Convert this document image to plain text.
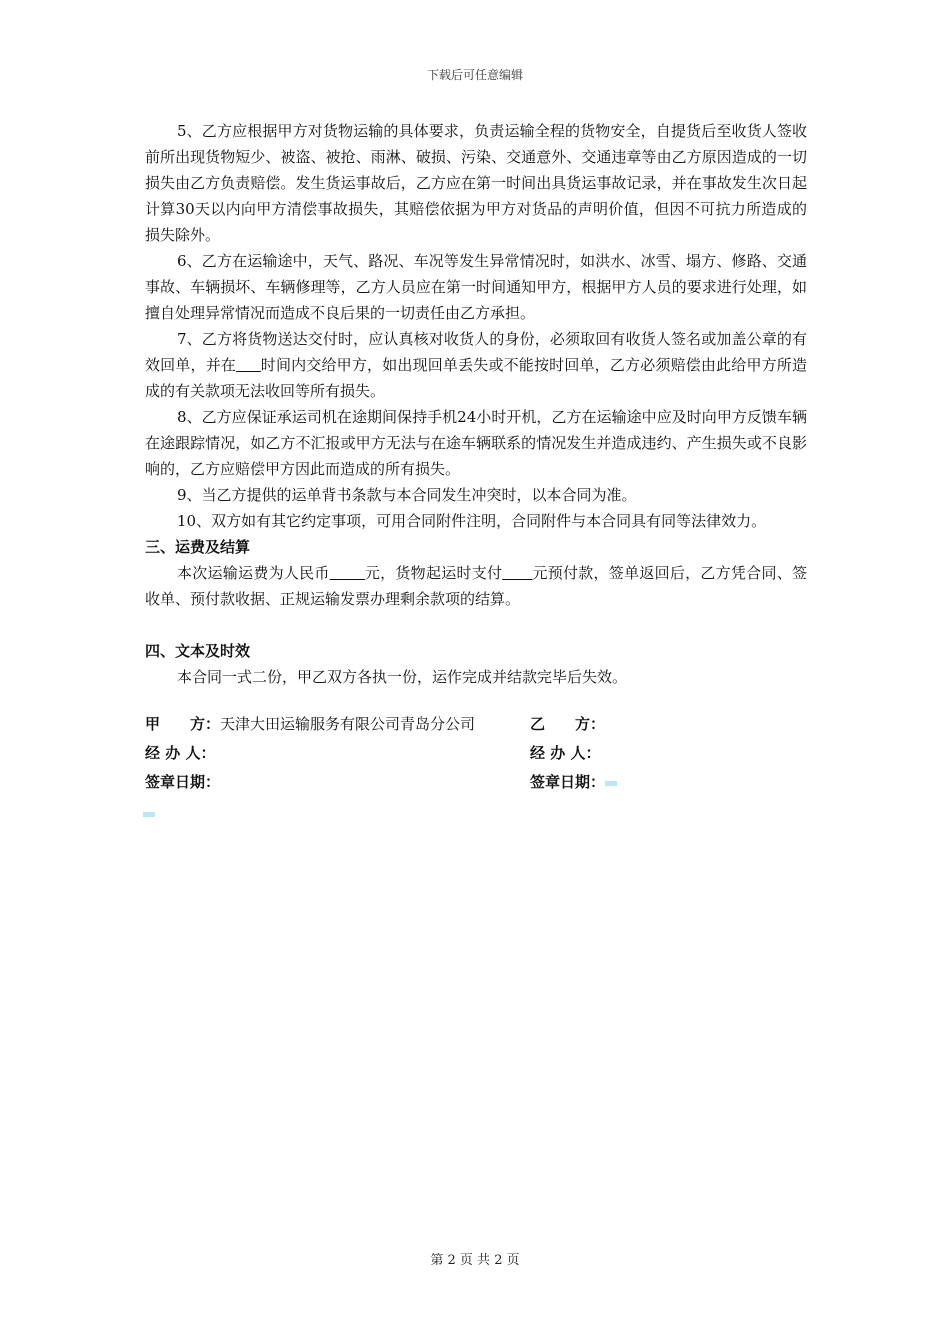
下载后可任意编辑

5、乙方应根据甲方对货物运输的具体要求，负责运输全程的货物安全，自提货后至收货人签收前所出现货物短少、被盗、被抢、雨淋、破损、污染、交通意外、交通违章等由乙方原因造成的一切损失由乙方负责赔偿。发生货运事故后，乙方应在第一时间出具货运事故记录，并在事故发生次日起计算30天以内向甲方清偿事故损失，其赔偿依据为甲方对货品的声明价值，但因不可抗力所造成的损失除外。

6、乙方在运输途中，天气、路况、车况等发生异常情况时，如洪水、冰雪、塌方、修路、交通事故、车辆损坏、车辆修理等，乙方人员应在第一时间通知甲方，根据甲方人员的要求进行处理，如擅自处理异常情况而造成不良后果的一切责任由乙方承担。

7、乙方将货物送达交付时，应认真核对收货人的身份，必须取回有收货人签名或加盖公章的有效回单，并在 时间内交给甲方，如出现回单丢失或不能按时回单，乙方必须赔偿由此给甲方所造成的有关款项无法收回等所有损失。

8、乙方应保证承运司机在途期间保持手机24小时开机，乙方在运输途中应及时向甲方反馈车辆在途跟踪情况，如乙方不汇报或甲方无法与在途车辆联系的情况发生并造成违约、产生损失或不良影响的，乙方应赔偿甲方因此而造成的所有损失。

9、当乙方提供的运单背书条款与本合同发生冲突时，以本合同为准。

10、双方如有其它约定事项，可用合同附件注明，合同附件与本合同具有同等法律效力。

三、运费及结算

本次运输运费为人民币 元，货物起运时支付 元预付款，签单返回后，乙方凭合同、签收单、预付款收据、正规运输发票办理剩余款项的结算。

四、文本及时效

本合同一式二份，甲乙双方各执一份，运作完成并结款完毕后失效。

甲　　方：天津大田运输服务有限公司青岛分公司	乙　　方：
经 办 人：	经 办 人：
签章日期：	签章日期：
第 2 页 共 2 页
